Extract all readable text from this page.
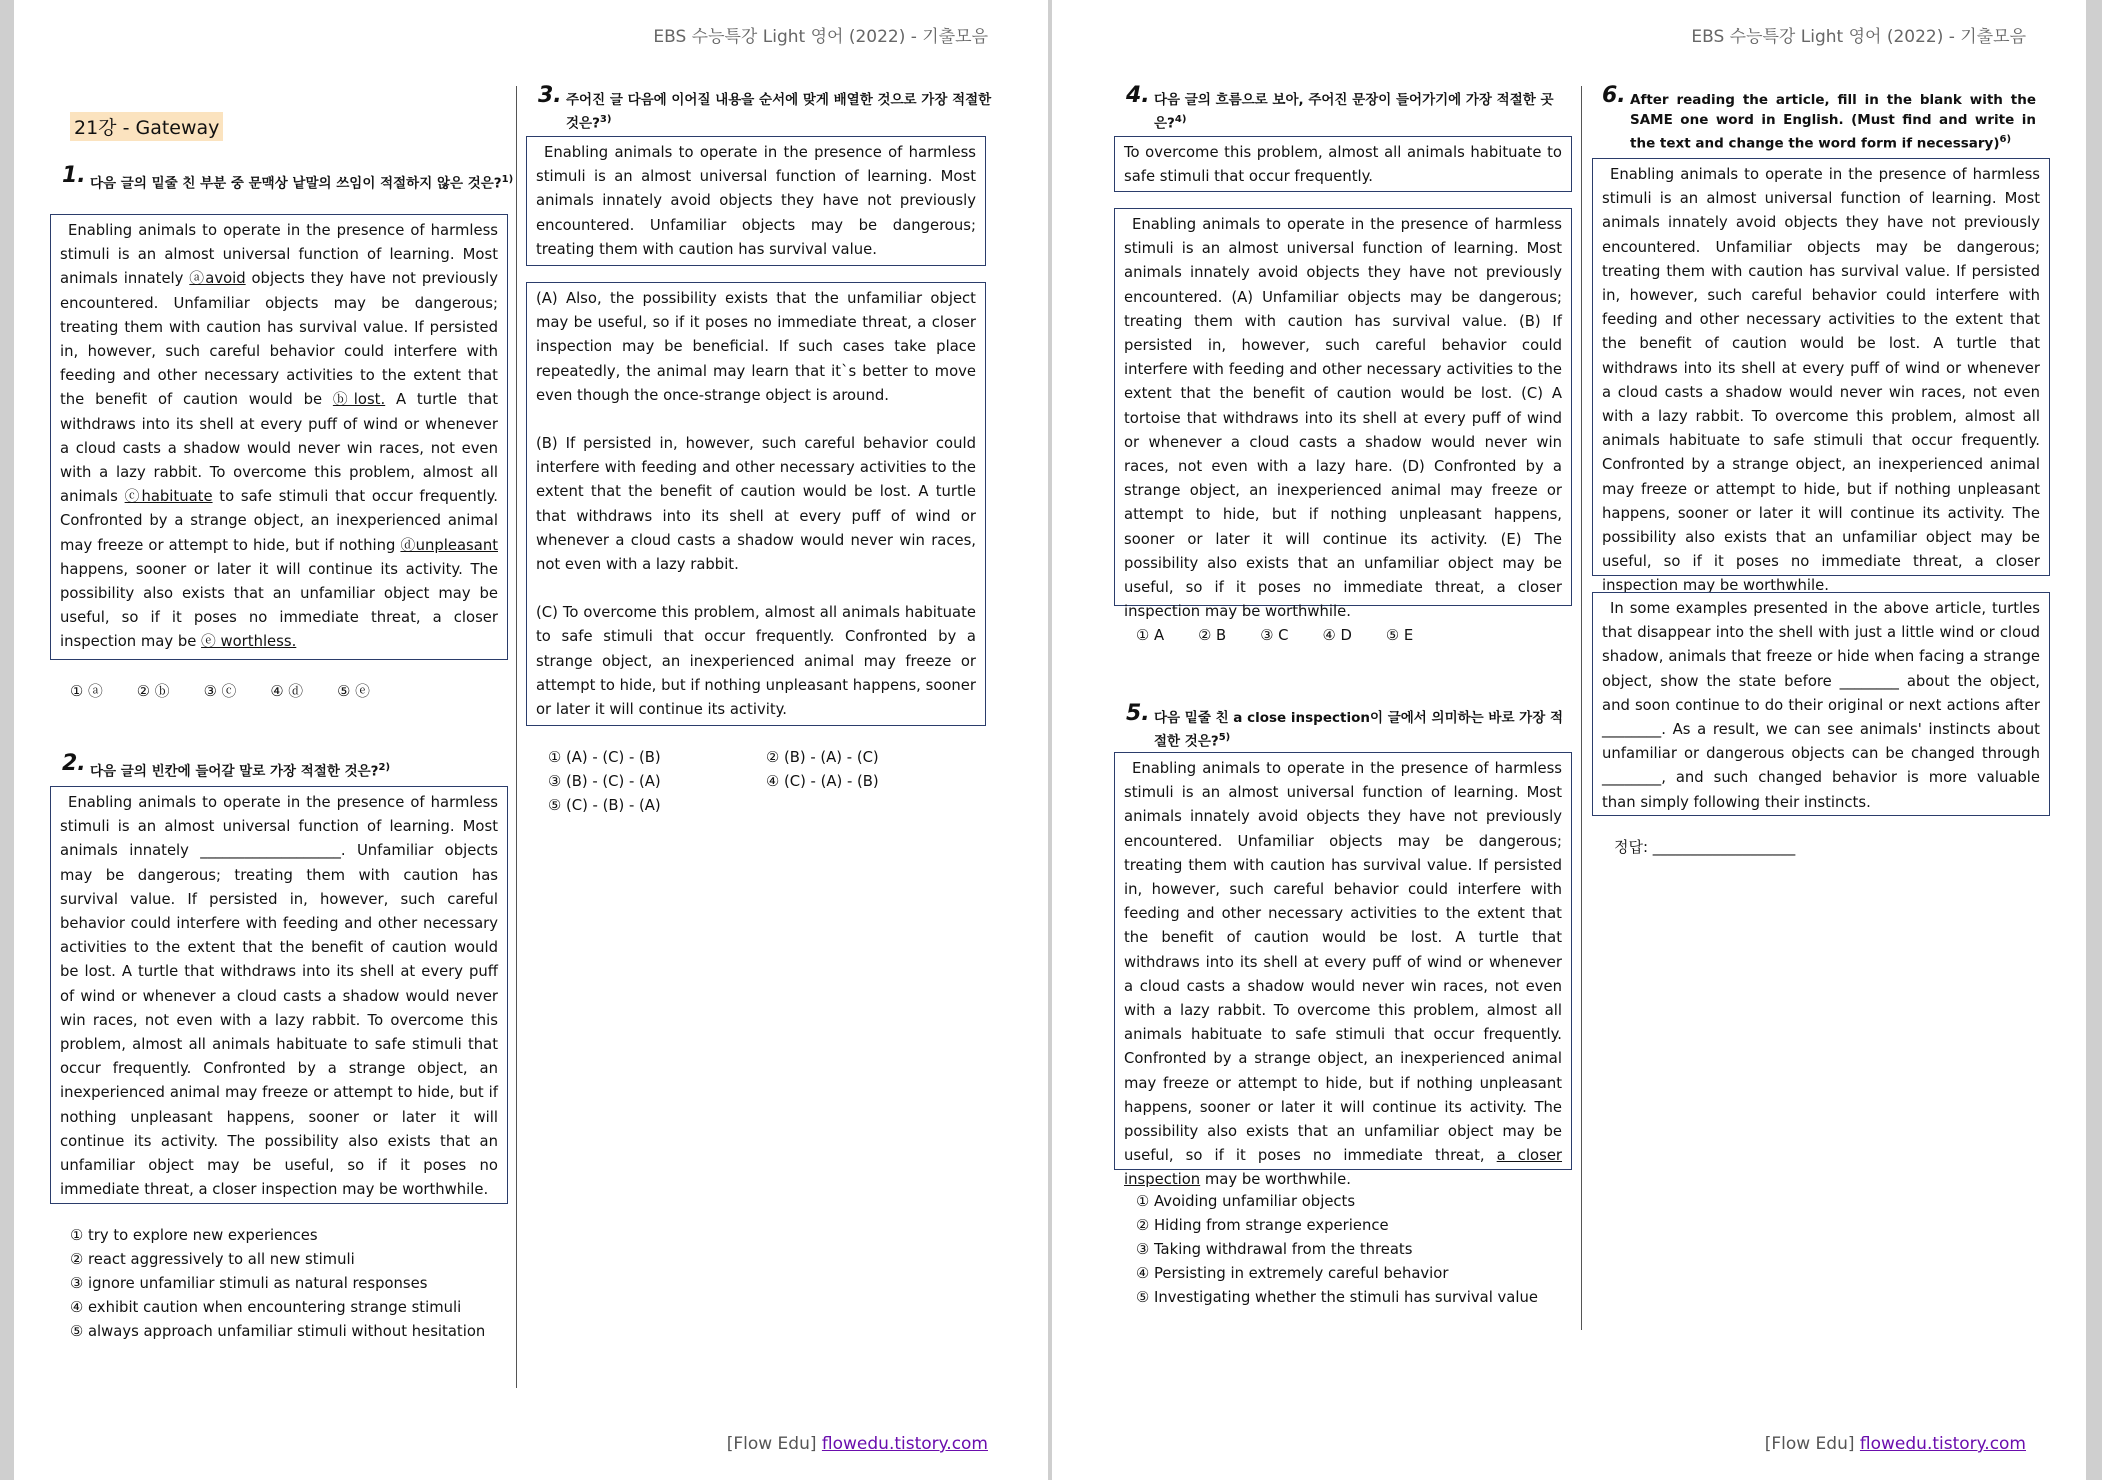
EBS 수능특강 Light 영어 (2022) - 기출모음
21강 - Gateway
1. 다음 글의 밑줄 친 부분 중 문맥상 낱말의 쓰임이 적절하지 않은 것은?$^{1)}$

Enabling animals to operate in the presence of harmless stimuli is an almost universal function of learning. Most animals innately ⓐavoid objects they have not previously encountered. Unfamiliar objects may be dangerous; treating them with caution has survival value. If persisted in, however, such careful behavior could interfere with feeding and other necessary activities to the extent that the benefit of caution would be ⓑlost. A turtle that withdraws into its shell at every puff of wind or whenever a cloud casts a shadow would never win races, not even with a lazy rabbit. To overcome this problem, almost all animals ⓒhabituate to safe stimuli that occur frequently. Confronted by a strange object, an inexperienced animal may freeze or attempt to hide, but if nothing ⓓunpleasant happens, sooner or later it will continue its activity. The possibility also exists that an unfamiliar object may be useful, so if it poses no immediate threat, a closer inspection may be ⓔ worthless.

① ⓐ ② ⓑ ③ ⓒ ④ ⓓ ⑤ ⓔ
2. 다음 글의 빈칸에 들어갈 말로 가장 적절한 것은?$^{2)}$

Enabling animals to operate in the presence of harmless stimuli is an almost universal function of learning. Most animals innately ___________________. Unfamiliar objects may be dangerous; treating them with caution has survival value. If persisted in, however, such careful behavior could interfere with feeding and other necessary activities to the extent that the benefit of caution would be lost. A turtle that withdraws into its shell at every puff of wind or whenever a cloud casts a shadow would never win races, not even with a lazy rabbit. To overcome this problem, almost all animals habituate to safe stimuli that occur frequently. Confronted by a strange object, an inexperienced animal may freeze or attempt to hide, but if nothing unpleasant happens, sooner or later it will continue its activity. The possibility also exists that an unfamiliar object may be useful, so if it poses no immediate threat, a closer inspection may be worthwhile.

① try to explore new experiences
② react aggressively to all new stimuli
③ ignore unfamiliar stimuli as natural responses
④ exhibit caution when encountering strange stimuli
⑤ always approach unfamiliar stimuli without hesitation
3. 주어진 글 다음에 이어질 내용을 순서에 맞게 배열한 것으로 가장 적절한 것은?$^{3)}$

Enabling animals to operate in the presence of harmless stimuli is an almost universal function of learning. Most animals innately avoid objects they have not previously encountered. Unfamiliar objects may be dangerous; treating them with caution has survival value.

(A) Also, the possibility exists that the unfamiliar object may be useful, so if it poses no immediate threat, a closer inspection may be beneficial. If such cases take place repeatedly, the animal may learn that it`s better to move even though the once-strange object is around.

(B) If persisted in, however, such careful behavior could interfere with feeding and other necessary activities to the extent that the benefit of caution would be lost. A turtle that withdraws into its shell at every puff of wind or whenever a cloud casts a shadow would never win races, not even with a lazy rabbit.

(C) To overcome this problem, almost all animals habituate to safe stimuli that occur frequently. Confronted by a strange object, an inexperienced animal may freeze or attempt to hide, but if nothing unpleasant happens, sooner or later it will continue its activity.

① (A) - (C) - (B)	② (B) - (A) - (C)
③ (B) - (C) - (A)	④ (C) - (A) - (B)
⑤ (C) - (B) - (A)
[Flow Edu] flowedu.tistory.com
EBS 수능특강 Light 영어 (2022) - 기출모음
4. 다음 글의 흐름으로 보아, 주어진 문장이 들어가기에 가장 적절한 곳은?$^{4)}$

To overcome this problem, almost all animals habituate to safe stimuli that occur frequently.

Enabling animals to operate in the presence of harmless stimuli is an almost universal function of learning. Most animals innately avoid objects they have not previously encountered. (A) Unfamiliar objects may be dangerous; treating them with caution has survival value. (B) If persisted in, however, such careful behavior could interfere with feeding and other necessary activities to the extent that the benefit of caution would be lost. (C) A tortoise that withdraws into its shell at every puff of wind or whenever a cloud casts a shadow would never win races, not even with a lazy hare. (D) Confronted by a strange object, an inexperienced animal may freeze or attempt to hide, but if nothing unpleasant happens, sooner or later it will continue its activity. (E) The possibility also exists that an unfamiliar object may be useful, so if it poses no immediate threat, a closer inspection may be worthwhile.

① A ② B ③ C ④ D ⑤ E
5. 다음 밑줄 친 a close inspection이 글에서 의미하는 바로 가장 적절한 것은?$^{5)}$

Enabling animals to operate in the presence of harmless stimuli is an almost universal function of learning. Most animals innately avoid objects they have not previously encountered. Unfamiliar objects may be dangerous; treating them with caution has survival value. If persisted in, however, such careful behavior could interfere with feeding and other necessary activities to the extent that the benefit of caution would be lost. A turtle that withdraws into its shell at every puff of wind or whenever a cloud casts a shadow would never win races, not even with a lazy rabbit. To overcome this problem, almost all animals habituate to safe stimuli that occur frequently. Confronted by a strange object, an inexperienced animal may freeze or attempt to hide, but if nothing unpleasant happens, sooner or later it will continue its activity. The possibility also exists that an unfamiliar object may be useful, so if it poses no immediate threat, a closer inspection may be worthwhile.

① Avoiding unfamiliar objects
② Hiding from strange experience
③ Taking withdrawal from the threats
④ Persisting in extremely careful behavior
⑤ Investigating whether the stimuli has survival value
6. After reading the article, fill in the blank with the SAME one word in English. (Must find and write in the text and change the word form if necessary)$^{6)}$

Enabling animals to operate in the presence of harmless stimuli is an almost universal function of learning. Most animals innately avoid objects they have not previously encountered. Unfamiliar objects may be dangerous; treating them with caution has survival value. If persisted in, however, such careful behavior could interfere with feeding and other necessary activities to the extent that the benefit of caution would be lost. A turtle that withdraws into its shell at every puff of wind or whenever a cloud casts a shadow would never win races, not even with a lazy rabbit. To overcome this problem, almost all animals habituate to safe stimuli that occur frequently. Confronted by a strange object, an inexperienced animal may freeze or attempt to hide, but if nothing unpleasant happens, sooner or later it will continue its activity. The possibility also exists that an unfamiliar object may be useful, so if it poses no immediate threat, a closer inspection may be worthwhile.

In some examples presented in the above article, turtles that disappear into the shell with just a little wind or cloud shadow, animals that freeze or hide when facing a strange object, show the state before ________ about the object, and soon continue to do their original or next actions after ________. As a result, we can see animals' instincts about unfamiliar or dangerous objects can be changed through ________, and such changed behavior is more valuable than simply following their instincts.

정답: ___________________
[Flow Edu] flowedu.tistory.com
